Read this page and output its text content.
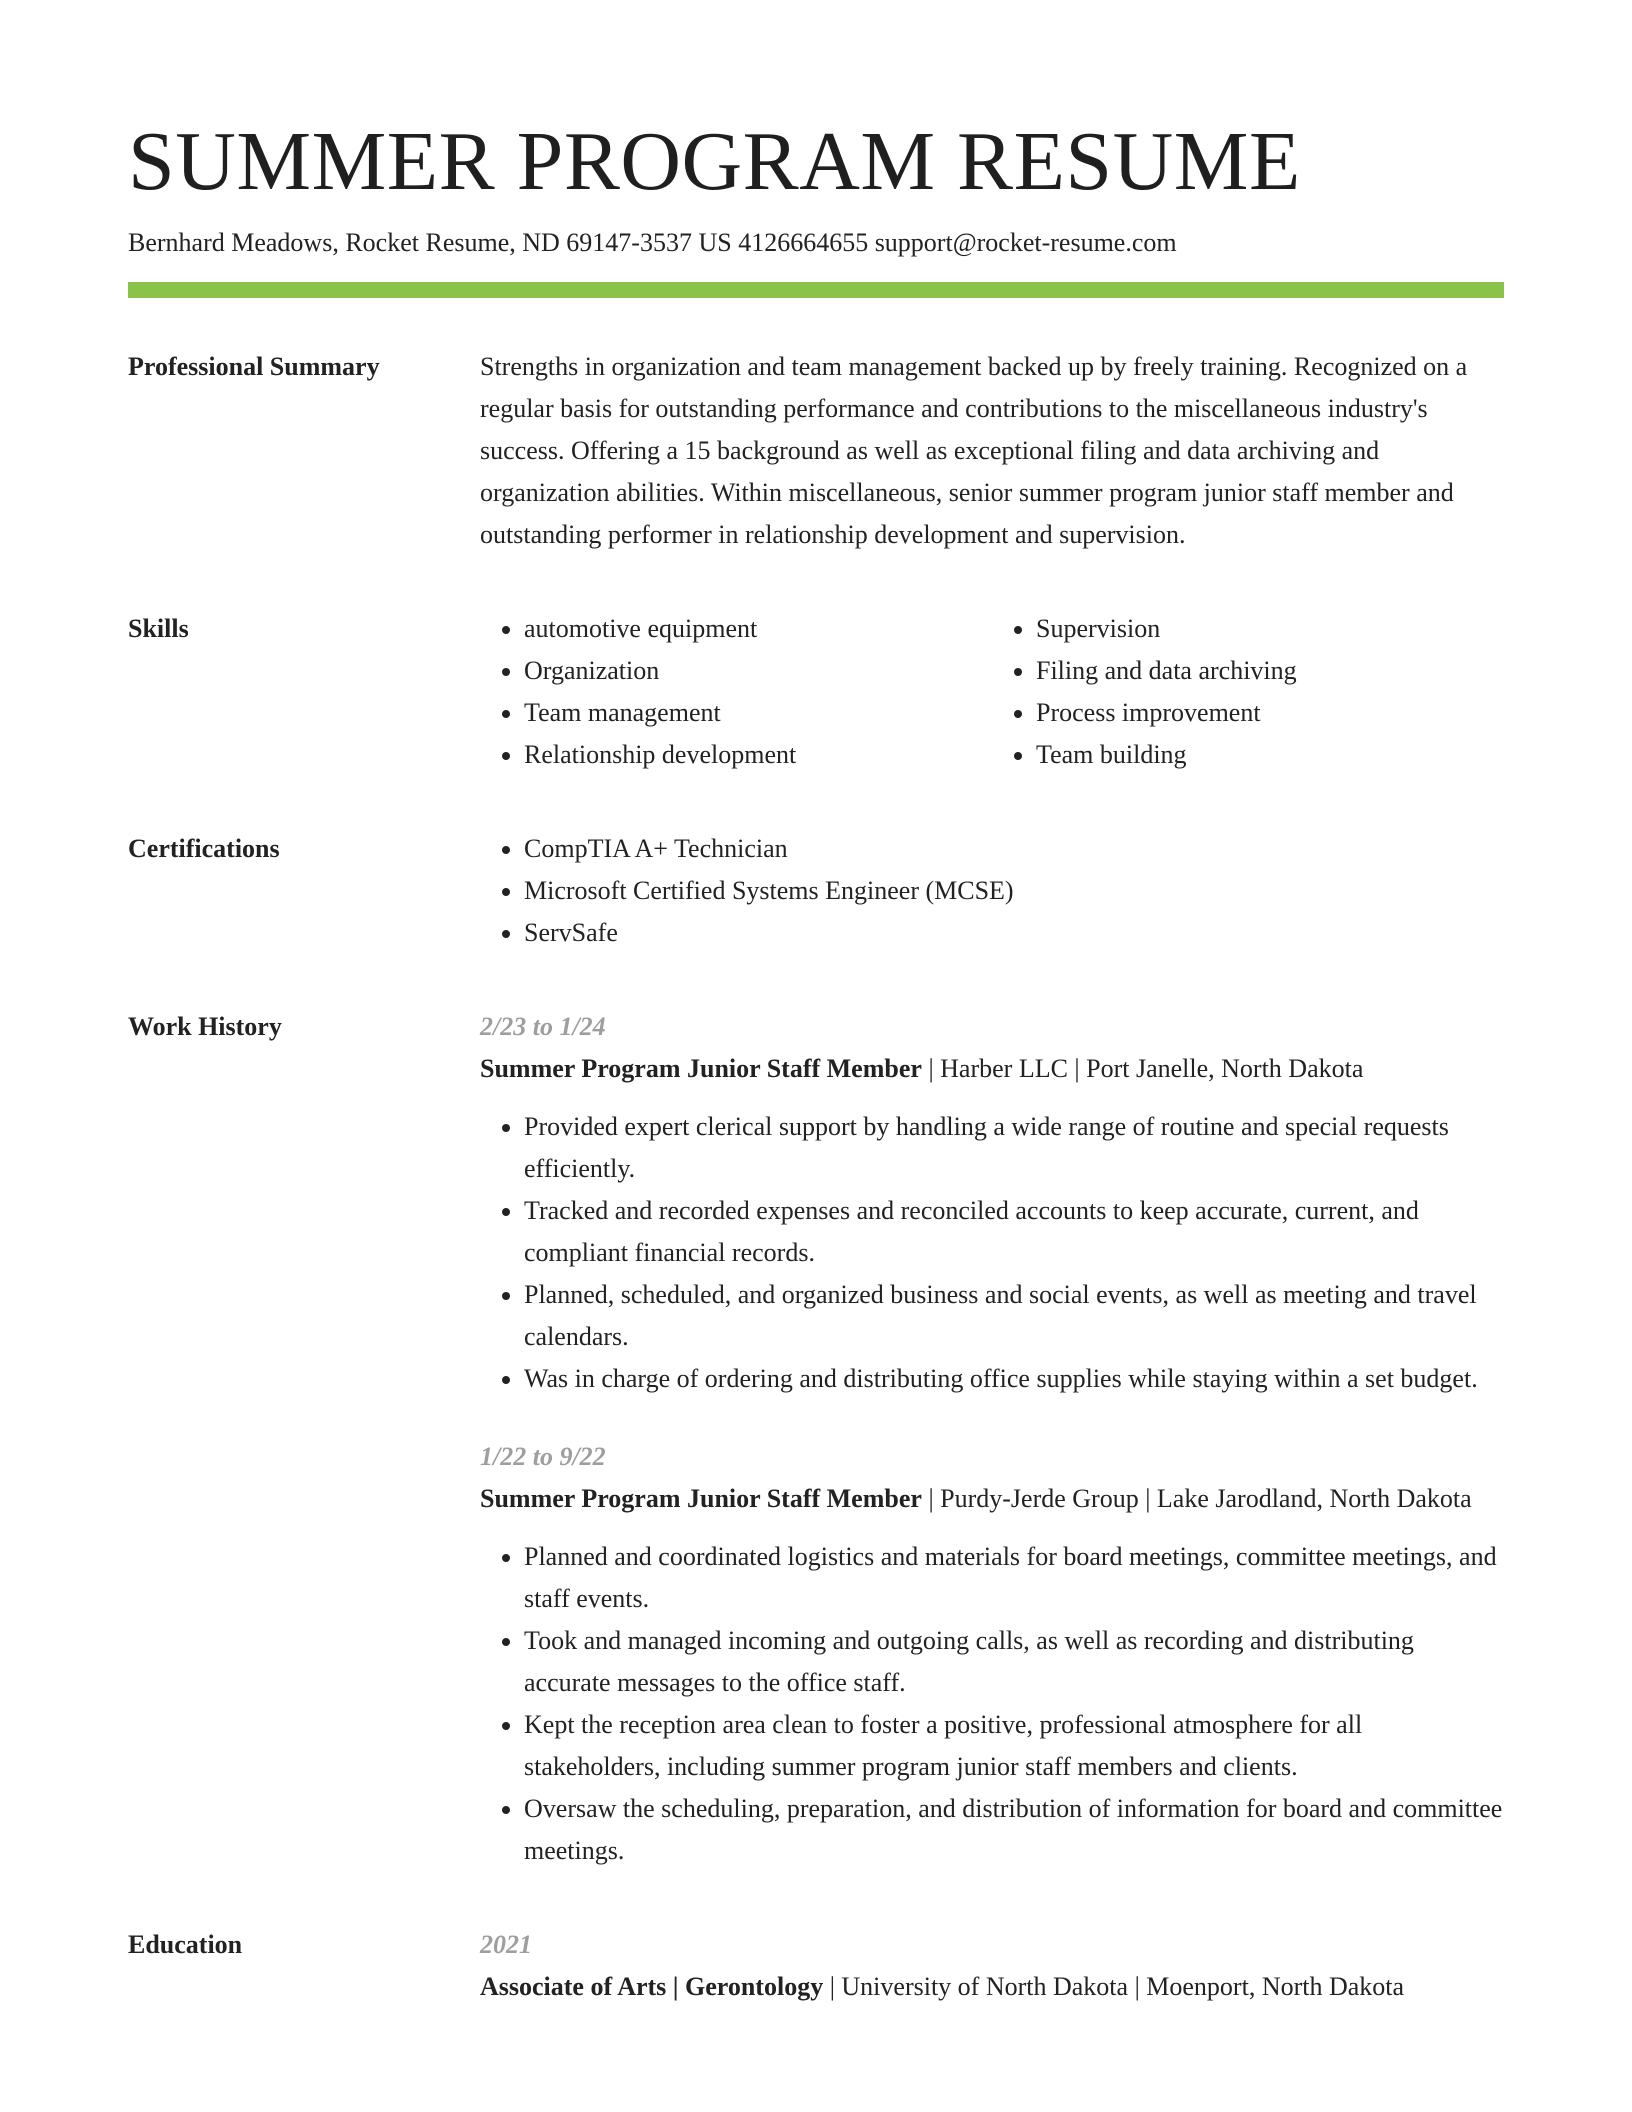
SUMMER PROGRAM RESUME
Bernhard Meadows, Rocket Resume, ND 69147-3537 US 4126664655 support@rocket-resume.com
Professional Summary	Strengths in organization and team management backed up by freely training. Recognized on a regular basis for outstanding performance and contributions to the miscellaneous industry's success. Offering a 15 background as well as exceptional filing and data archiving and organization abilities. Within miscellaneous, senior summer program junior staff member and outstanding performer in relationship development and supervision.

Skills	• automotive equipment
• Organization
• Team management
• Relationship development
• Supervision
• Filing and data archiving
• Process improvement
• Team building
Certifications	• CompTIA A+ Technician
• Microsoft Certified Systems Engineer (MCSE)
• ServSafe
Work History	2/23 to 1/24
Summer Program Junior Staff Member | Harber LLC | Port Janelle, North Dakota
• Provided expert clerical support by handling a wide range of routine and special requests efficiently.
• Tracked and recorded expenses and reconciled accounts to keep accurate, current, and compliant financial records.
• Planned, scheduled, and organized business and social events, as well as meeting and travel calendars.
• Was in charge of ordering and distributing office supplies while staying within a set budget.
1/22 to 9/22
Summer Program Junior Staff Member | Purdy-Jerde Group | Lake Jarodland, North Dakota
• Planned and coordinated logistics and materials for board meetings, committee meetings, and staff events.
• Took and managed incoming and outgoing calls, as well as recording and distributing accurate messages to the office staff.
• Kept the reception area clean to foster a positive, professional atmosphere for all stakeholders, including summer program junior staff members and clients.
• Oversaw the scheduling, preparation, and distribution of information for board and committee meetings.
Education	2021
Associate of Arts | Gerontology | University of North Dakota | Moenport, North Dakota
